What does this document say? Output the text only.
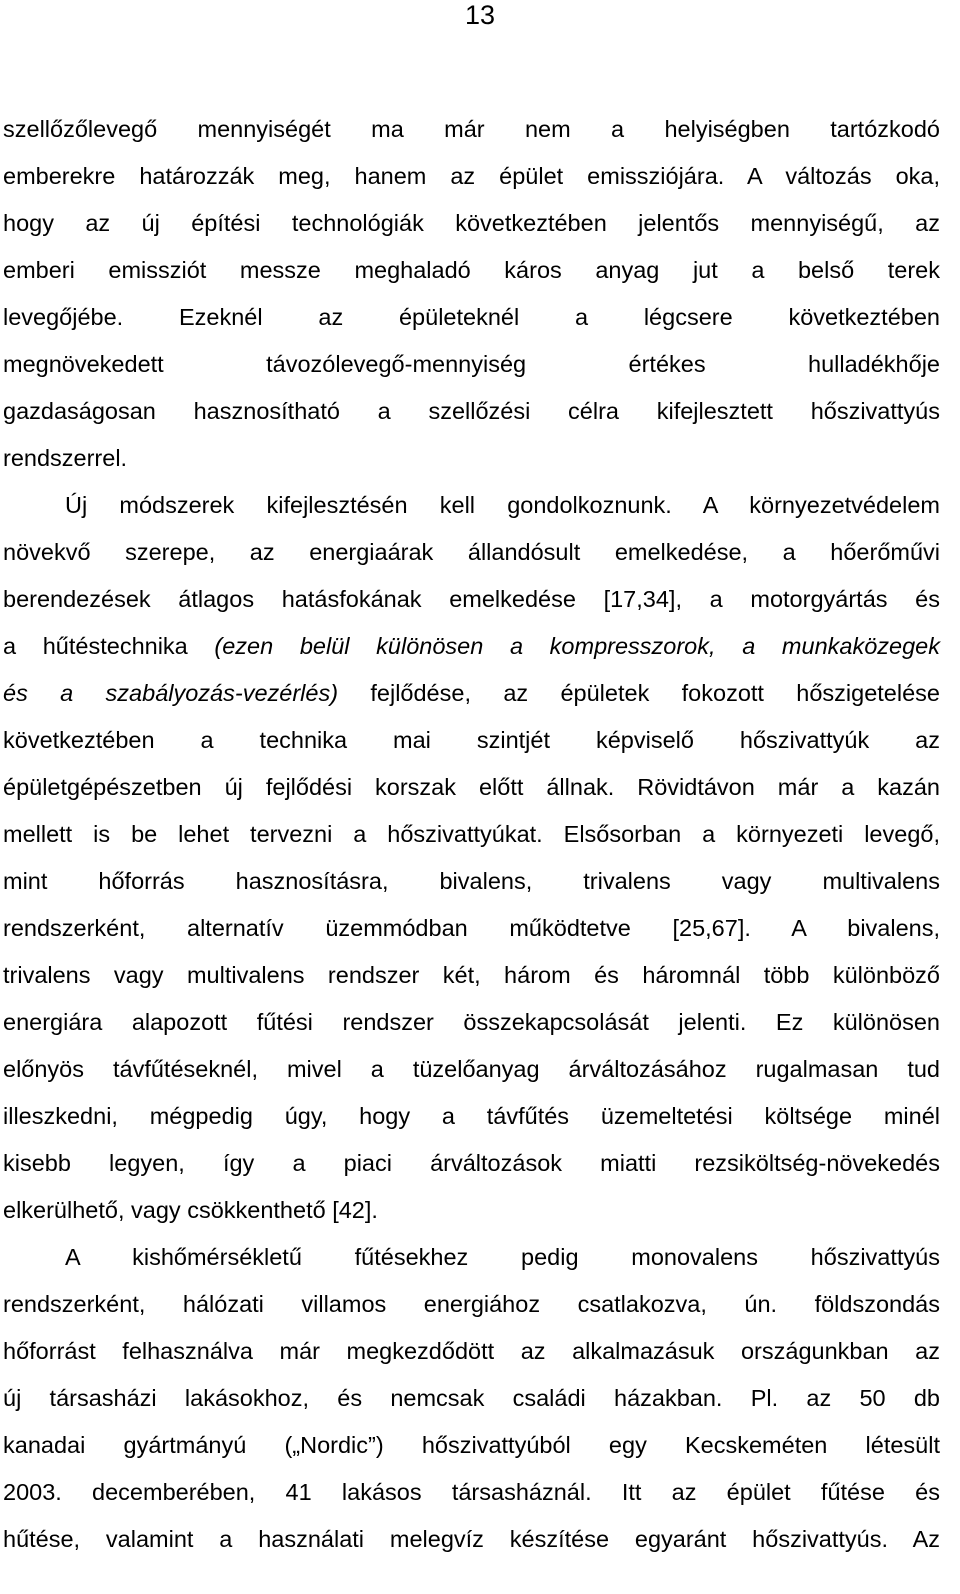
13
szellőzőlevegő mennyiségét ma már nem a helyiségben tartózkodó
emberekre határozzák meg, hanem az épület emissziójára. A változás oka,
hogy az új építési technológiák következtében jelentős mennyiségű, az
emberi emissziót messze meghaladó káros anyag jut a belső terek
levegőjébe. Ezeknél az épületeknél a légcsere következtében
megnövekedett távozólevegő-mennyiség értékes hulladékhője
gazdaságosan hasznosítható a szellőzési célra kifejlesztett hőszivattyús
rendszerrel.
Új módszerek kifejlesztésén kell gondolkoznunk. A környezetvédelem
növekvő szerepe, az energiaárak állandósult emelkedése, a hőerőművi
berendezések átlagos hatásfokának emelkedése [17,34], a motorgyártás és
a hűtéstechnika (ezen belül különösen a kompresszorok, a munkaközegek
és a szabályozás-vezérlés) fejlődése, az épületek fokozott hőszigetelése
következtében a technika mai szintjét képviselő hőszivattyúk az
épületgépészetben új fejlődési korszak előtt állnak. Rövidtávon már a kazán
mellett is be lehet tervezni a hőszivattyúkat. Elsősorban a környezeti levegő,
mint hőforrás hasznosításra, bivalens, trivalens vagy multivalens
rendszerként, alternatív üzemmódban működtetve [25,67]. A bivalens,
trivalens vagy multivalens rendszer két, három és háromnál több különböző
energiára alapozott fűtési rendszer összekapcsolását jelenti. Ez különösen
előnyös távfűtéseknél, mivel a tüzelőanyag árváltozásához rugalmasan tud
illeszkedni, mégpedig úgy, hogy a távfűtés üzemeltetési költsége minél
kisebb legyen, így a piaci árváltozások miatti rezsiköltség-növekedés
elkerülhető, vagy csökkenthető [42].
A kishőmérsékletű fűtésekhez pedig monovalens hőszivattyús
rendszerként, hálózati villamos energiához csatlakozva, ún. földszondás
hőforrást felhasználva már megkezdődött az alkalmazásuk országunkban az
új társasházi lakásokhoz, és nemcsak családi házakban. Pl. az 50 db
kanadai gyártmányú („Nordic”) hőszivattyúból egy Kecskeméten létesült
2003. decemberében, 41 lakásos társasháznál. Itt az épület fűtése és
hűtése, valamint a használati melegvíz készítése egyaránt hőszivattyús. Az
